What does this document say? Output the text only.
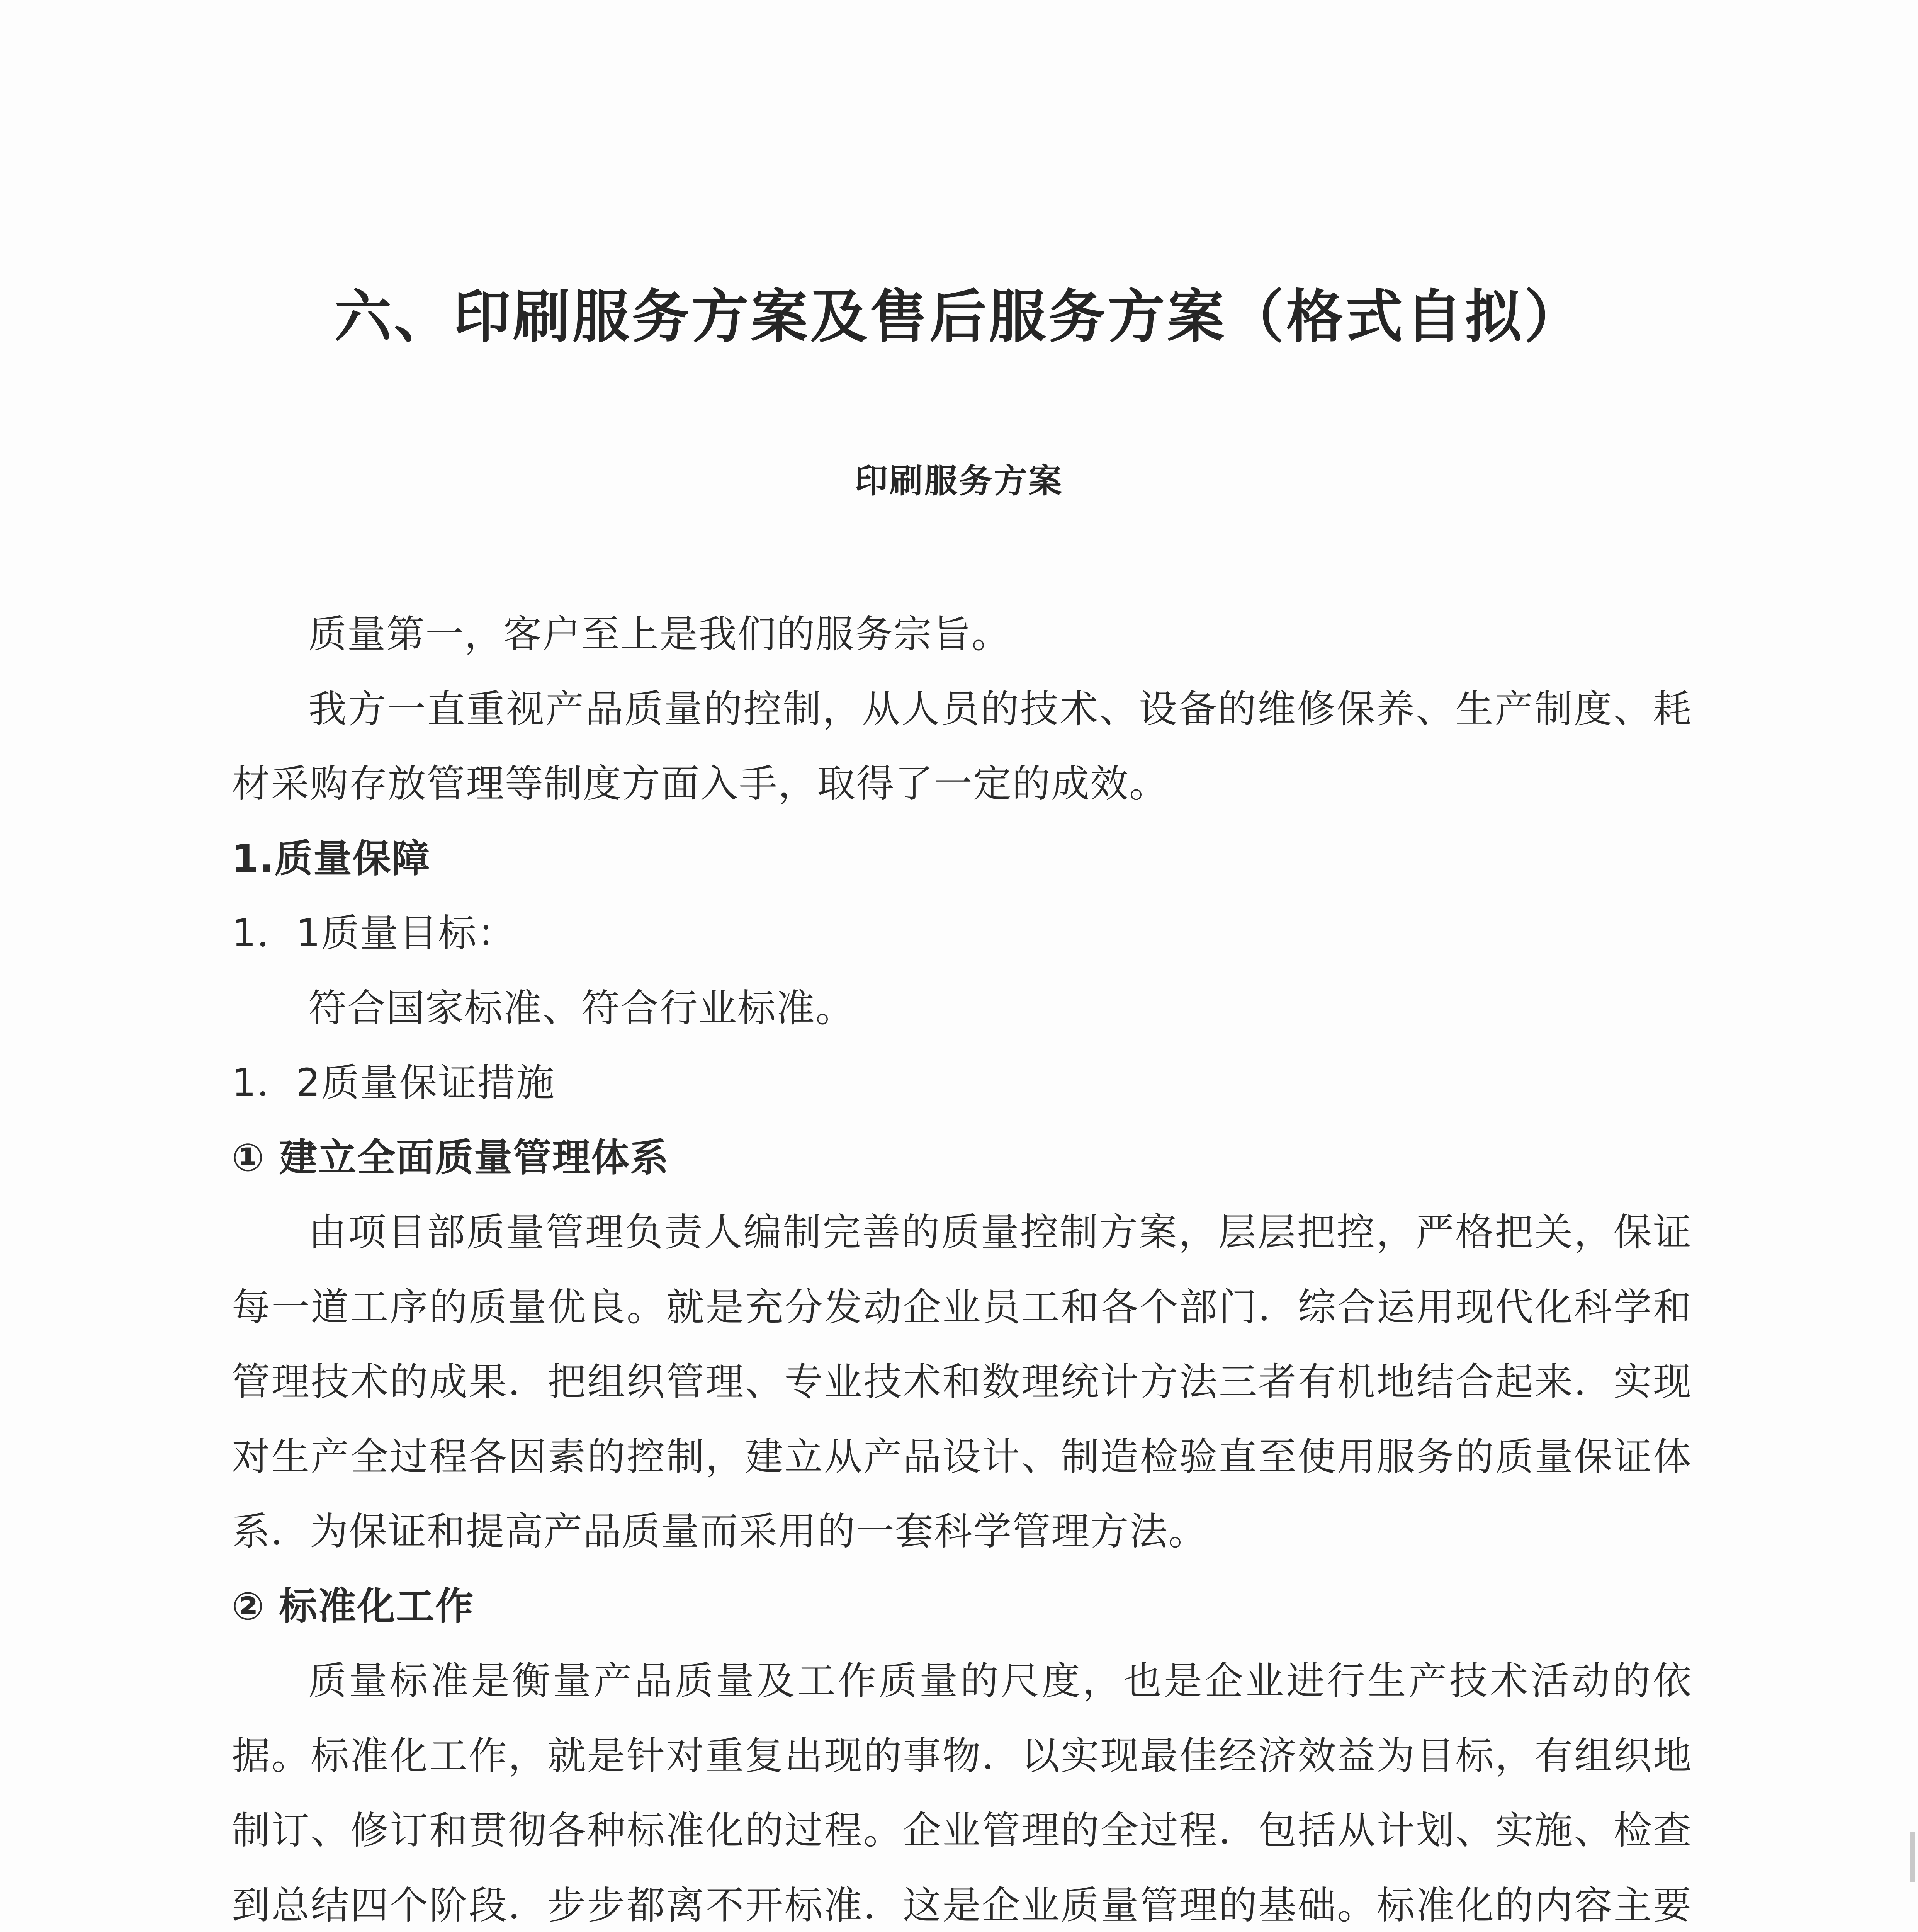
六、印刷服务方案及售后服务方案（格式自拟）
印刷服务方案

质量第一，客户至上是我们的服务宗旨。

我方一直重视产品质量的控制，从人员的技术、设备的维修保养、生产制度、耗材采购存放管理等制度方面入手，取得了一定的成效。

1.质量保障

1．1质量目标：

符合国家标准、符合行业标准。

1．2质量保证措施

① 建立全面质量管理体系

由项目部质量管理负责人编制完善的质量控制方案，层层把控，严格把关，保证每一道工序的质量优良。就是充分发动企业员工和各个部门．综合运用现代化科学和管理技术的成果．把组织管理、专业技术和数理统计方法三者有机地结合起来．实现对生产全过程各因素的控制，建立从产品设计、制造检验直至使用服务的质量保证体系．为保证和提高产品质量而采用的一套科学管理方法。

② 标准化工作

质量标准是衡量产品质量及工作质量的尺度，也是企业进行生产技术活动的依据。标准化工作，就是针对重复出现的事物．以实现最佳经济效益为目标，有组织地制订、修订和贯彻各种标准化的过程。企业管理的全过程．包括从计划、实施、检查到总结四个阶段．步步都离不开标准．这是企业质量管理的基础。标准化的内容主要
